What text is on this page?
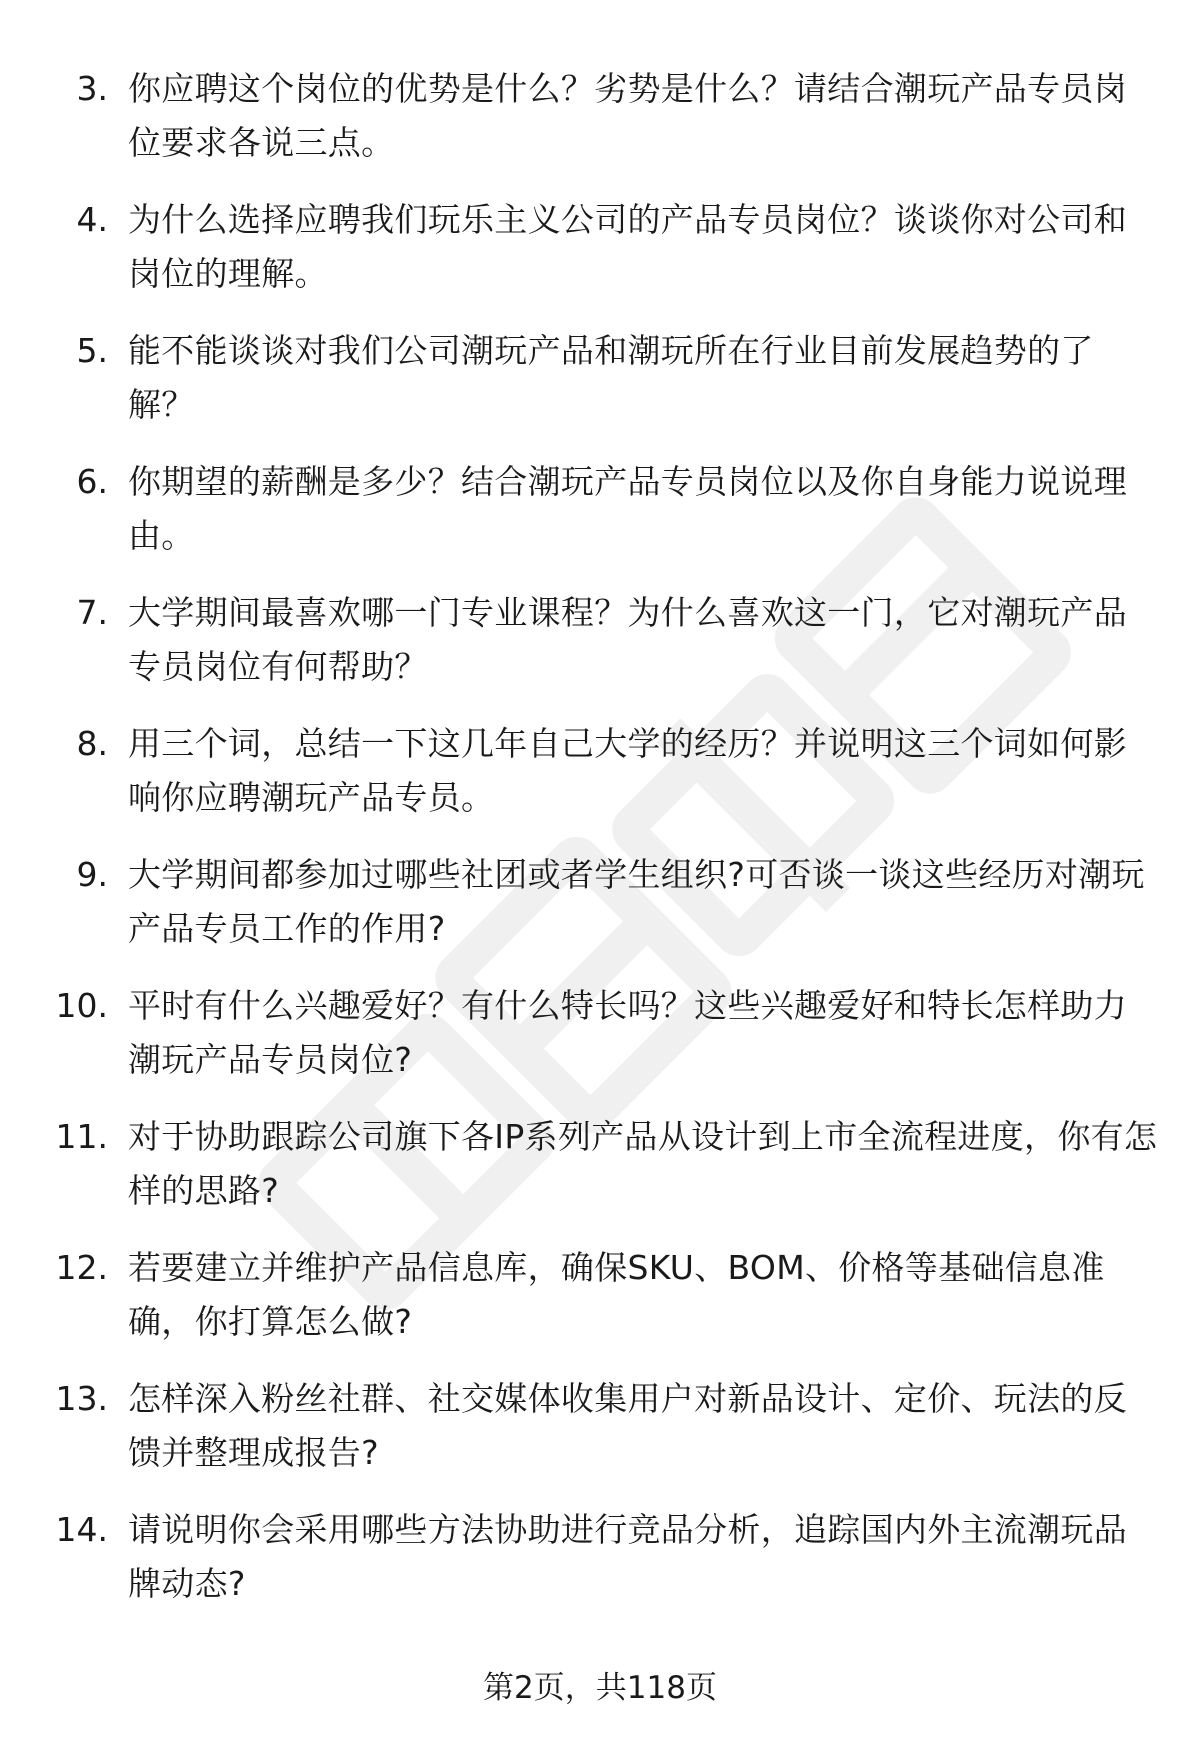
3. 你应聘这个岗位的优势是什么？劣势是什么？请结合潮玩产品专员岗位要求各说三点。
4. 为什么选择应聘我们玩乐主义公司的产品专员岗位？谈谈你对公司和岗位的理解。
5. 能不能谈谈对我们公司潮玩产品和潮玩所在行业目前发展趋势的了解？
6. 你期望的薪酬是多少？结合潮玩产品专员岗位以及你自身能力说说理由。
7. 大学期间最喜欢哪一门专业课程？为什么喜欢这一门，它对潮玩产品专员岗位有何帮助？
8. 用三个词，总结一下这几年自己大学的经历？并说明这三个词如何影响你应聘潮玩产品专员。
9. 大学期间都参加过哪些社团或者学生组织?可否谈一谈这些经历对潮玩产品专员工作的作用?
10. 平时有什么兴趣爱好？有什么特长吗？这些兴趣爱好和特长怎样助力潮玩产品专员岗位?
11. 对于协助跟踪公司旗下各IP系列产品从设计到上市全流程进度，你有怎样的思路?
12. 若要建立并维护产品信息库，确保SKU、BOM、价格等基础信息准确，你打算怎么做?
13. 怎样深入粉丝社群、社交媒体收集用户对新品设计、定价、玩法的反馈并整理成报告?
14. 请说明你会采用哪些方法协助进行竞品分析，追踪国内外主流潮玩品牌动态?
第2页，共118页
